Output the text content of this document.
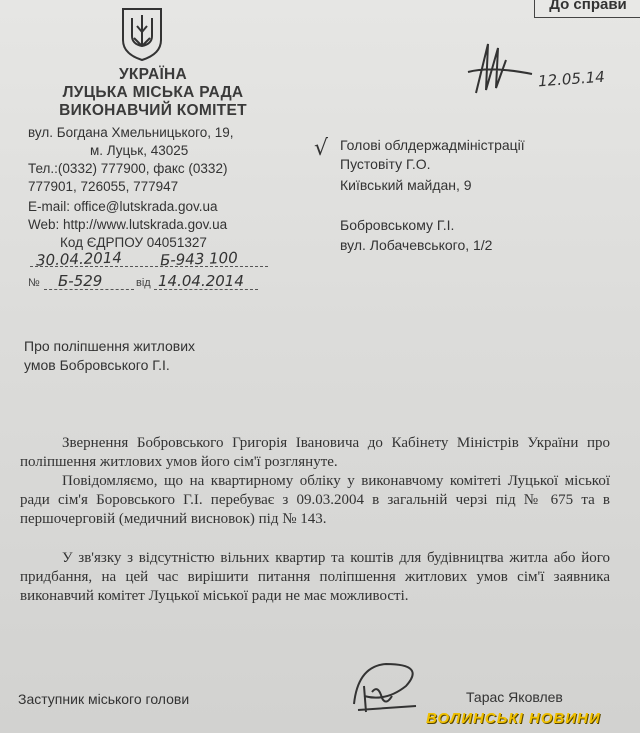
До справи
УКРАЇНА
ЛУЦЬКА МІСЬКА РАДА
ВИКОНАВЧИЙ КОМІТЕТ
вул. Богдана Хмельницького, 19,
м. Луцьк, 43025
Тел.:(0332) 777900, факс (0332)
777901, 726055, 777947
E-mail: office@lutskrada.gov.ua
Web: http://www.lutskrada.gov.ua
Код ЄДРПОУ 04051327
30.04.2014	Б-943 100
№ Б-529	від 14.04.2014
12.05.14
√ Голові облдержадміністрації
Пустовіту Г.О.
Київський майдан, 9
Бобровському Г.І.
вул. Лобачевського, 1/2
Про поліпшення житлових
умов Бобровського Г.І.
Звернення Бобровського Григорія Івановича до Кабінету Міністрів України про поліпшення житлових умов його сім'ї розглянуте.
Повідомляємо, що на квартирному обліку у виконавчому комітеті Луцької міської ради сім'я Боровського Г.І. перебуває з 09.03.2004 в загальній черзі під № 675 та в першочерговій (медичний висновок) під № 143.
У зв'язку з відсутністю вільних квартир та коштів для будівництва житла або його придбання, на цей час вирішити питання поліпшення житлових умов сім'ї заявника виконавчий комітет Луцької міської ради не має можливості.
Заступник міського голови	Тарас Яковлев
ВОЛИНСЬКІ НОВИНИ
